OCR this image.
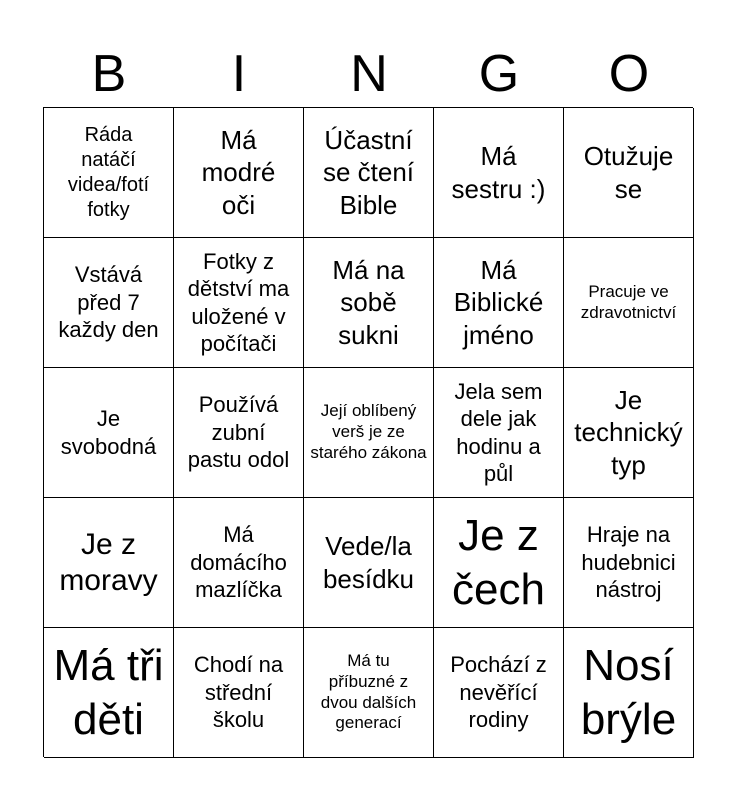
B	I	N	G	O
Ráda natáčí videa/fotí fotky
Má modré oči
Účastní se čtení Bible
Má sestru :)
Otužuje se
Vstává před 7 každy den
Fotky z dětství ma uložené v počítači
Má na sobě sukni
Má Biblické jméno
Pracuje ve zdravotnictví
Je svobodná
Používá zubní pastu odol
Její oblíbený verš je ze starého zákona
Jela sem dele jak hodinu a půl
Je technický typ
Je z moravy
Má domácího mazlíčka
Vede/la besídku
Je z čech
Hraje na hudebnici nástroj
Má tři děti
Chodí na střední školu
Má tu příbuzné z dvou dalších generací
Pochází z nevěřící rodiny
Nosí brýle
